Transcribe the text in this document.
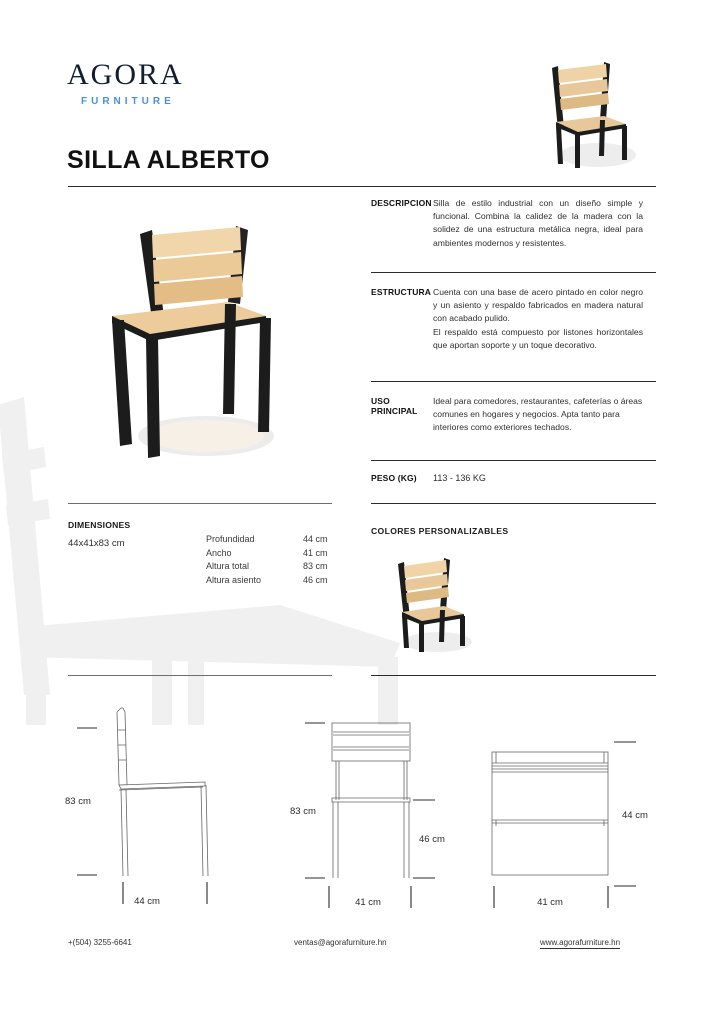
AGORA
FURNITURE
SILLA ALBERTO
DESCRIPCION Silla de estilo industrial con un diseño simple y funcional. Combina la calidez de la madera con la solidez de una estructura metálica negra, ideal para ambientes modernos y resistentes.

ESTRUCTURA Cuenta con una base de acero pintado en color negro y un asiento y respaldo fabricados en madera natural con acabado pulido.

El respaldo está compuesto por listones horizontales que aportan soporte y un toque decorativo.

USO PRINCIPAL

Ideal para comedores, restaurantes, cafeterías o áreas comunes en hogares y negocios. Apta tanto para interiores como exteriores techados.

PESO (KG)	113 - 136 KG

DIMENSIONES
44x41x83 cm	Profundidad	44 cm
Ancho	41 cm
Altura total	83 cm
Altura asiento	46 cm
COLORES PERSONALIZABLES
83 cm
44 cm
83 cm
46 cm
41 cm
44 cm
41 cm
+(504) 3255-6641	ventas@agorafurniture.hn	www.agorafurniture.hn
